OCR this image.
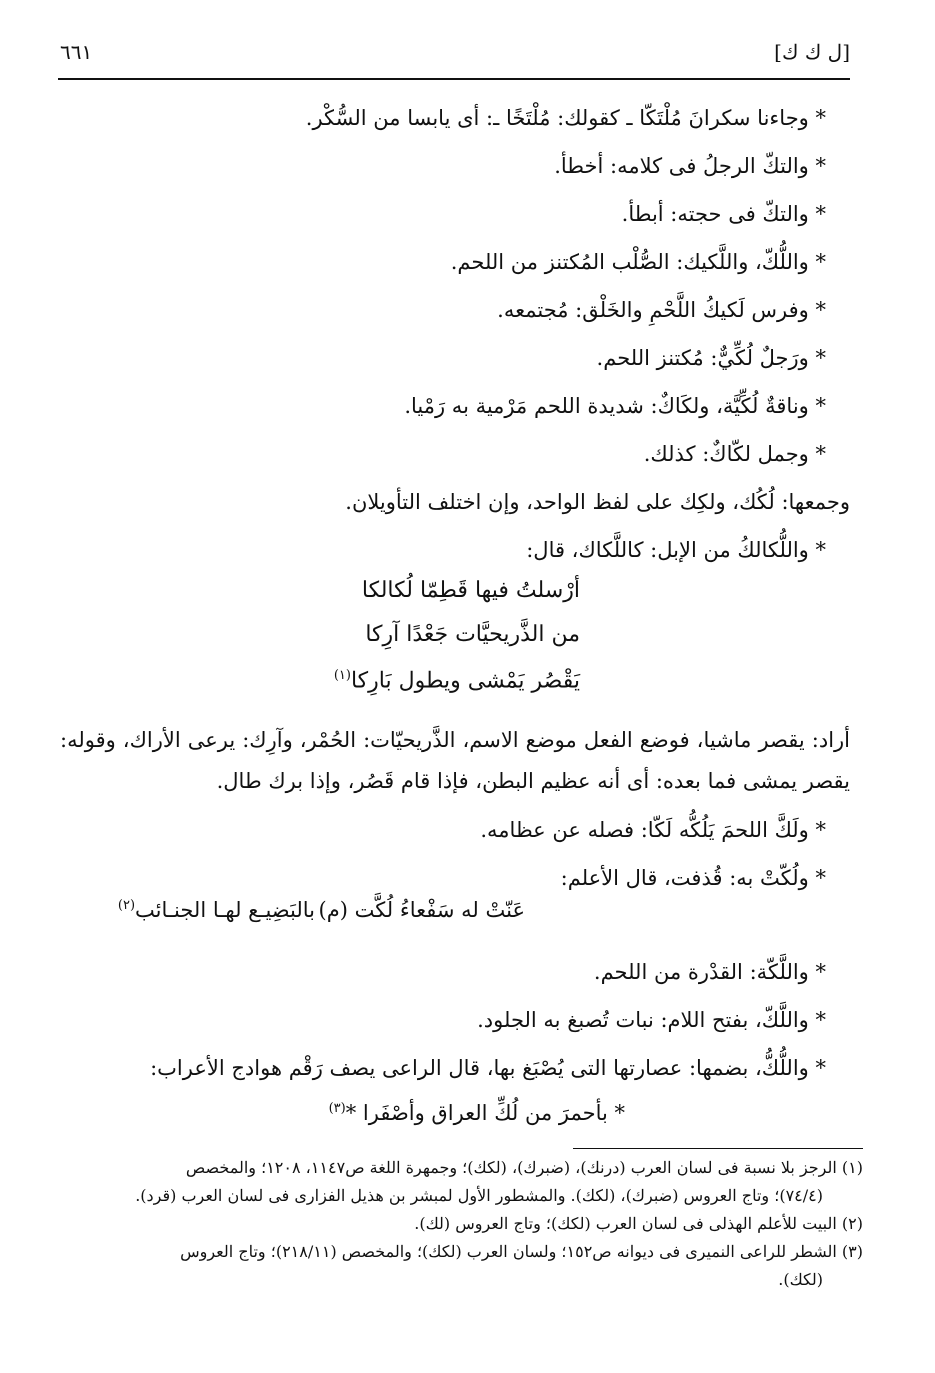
[ل ك ك]
٦٦١
* وجاءنا سكرانَ مُلْتَكّا ـ كقولك: مُلْتَخًا ـ: أى يابسا من السُّكْر.
* والتكّ الرجلُ فى كلامه: أخطأ.
* والتكّ فى حجته: أبطأ.
* واللُّكّ، واللَّكيك: الصُّلْب المُكتنز من اللحم.
* وفرس لَكيكُ اللَّحْمِ والخَلْق: مُجتمعه.
* ورَجلٌ لُكِّيٌّ: مُكتنز اللحم.
* وناقةٌ لُكِّيَّة، ولكَاكٌ: شديدة اللحم مَرْمية به رَمْيا.
* وجمل لكّاكٌ: كذلك.
وجمعها: لُكُك، ولكِك على لفظ الواحد، وإن اختلف التأويلان.
* واللُّكالكُ من الإبل: كاللَّكاك، قال:
أرْسلتُ فيها قَطِمّا لُكالكا
من الذَّريحيَّات جَعْدًا آرِكا
يَقْصُر يَمْشى ويطول بَارِكا$^{(١)}$
أراد: يقصر ماشيا، فوضع الفعل موضع الاسم، الذَّريحيّات: الحُمْر، وآرِك: يرعى الأراك، وقوله: يقصر يمشى فما بعده: أى أنه عظيم البطن، فإذا قام قَصُر، وإذا برك طال.
* ولَكَّ اللحمَ يَلُكُّه لَكّا: فصله عن عظامه.
* ولُكّتْ به: قُذفت، قال الأعلم:
عَنّتْ له سَفْعاءُ لُكَّت (م)
بالبَضِيـع لهـا الجنـائب$^{(٢)}$
* واللَّكّة: القدْرة من اللحم.
* واللَّكّ، بفتح اللام: نبات تُصبغ به الجلود.
* واللُّكُّ، بضمها: عصارتها التى يُصْبَغ بها، قال الراعى يصف رَقْم هوادج الأعراب:
* بأحمرَ من لُكِّ العراق وأصْفَرا *$^{(٣)}$
(١) الرجز بلا نسبة فى لسان العرب (درنك)، (ضبرك)، (لكك)؛ وجمهرة اللغة ص١١٤٧، ١٢٠٨؛ والمخصص
(٧٤/٤)؛ وتاج العروس (ضبرك)، (لكك). والمشطور الأول لمبشر بن هذيل الفزارى فى لسان العرب (قرد).
(٢) البيت للأعلم الهذلى فى لسان العرب (لكك)؛ وتاج العروس (لك).
(٣) الشطر للراعى النميرى فى ديوانه ص١٥٢؛ ولسان العرب (لكك)؛ والمخصص (٢١٨/١١)؛ وتاج العروس
(لكك).
